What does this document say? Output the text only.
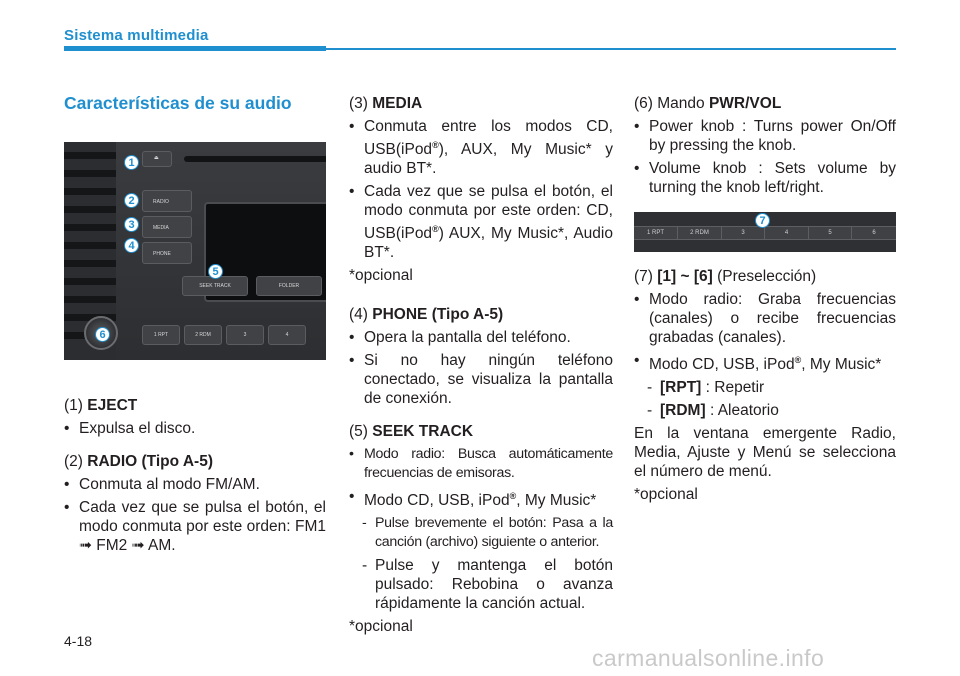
Sistema multimedia
Características de su audio
⏏
RADIO
MEDIA
PHONE
SEEK TRACK	FOLDER
1 RPT	2 RDM	3	4
1
2
3
4
5
6
(1) EJECT
• Expulsa el disco.
(2) RADIO (Tipo A-5)
• Conmuta al modo FM/AM.
• Cada vez que se pulsa el botón, el modo conmuta por este orden: FM1 ➟ FM2 ➟ AM.
(3) MEDIA
• Conmuta entre los modos CD, USB(iPod®), AUX, My Music* y audio BT*.
• Cada vez que se pulsa el botón, el modo conmuta por este orden: CD, USB(iPod®) AUX, My Music*, Audio BT*.
*opcional
(4) PHONE (Tipo A-5)
• Opera la pantalla del teléfono.
• Si no hay ningún teléfono conectado, se visualiza la pantalla de conexión.
(5) SEEK TRACK
• Modo radio: Busca automáticamente frecuencias de emisoras.
• Modo CD, USB, iPod®, My Music*
- Pulse brevemente el botón: Pasa a la canción (archivo) siguiente o anterior.
- Pulse y mantenga el botón pulsado: Rebobina o avanza rápidamente la canción actual.
*opcional
(6) Mando PWR/VOL
• Power knob : Turns power On/Off by pressing the knob.
• Volume knob : Sets volume by turning the knob left/right.
1 RPT	2 RDM	3	4	5	6
7
(7) [1] ~ [6] (Preselección)
• Modo radio: Graba frecuencias (canales) o recibe frecuencias grabadas (canales).
• Modo CD, USB, iPod®, My Music*
- [RPT] : Repetir
- [RDM] : Aleatorio
En la ventana emergente Radio, Media, Ajuste y Menú se selecciona el número de menú.
*opcional
4-18
carmanualsonline.info
